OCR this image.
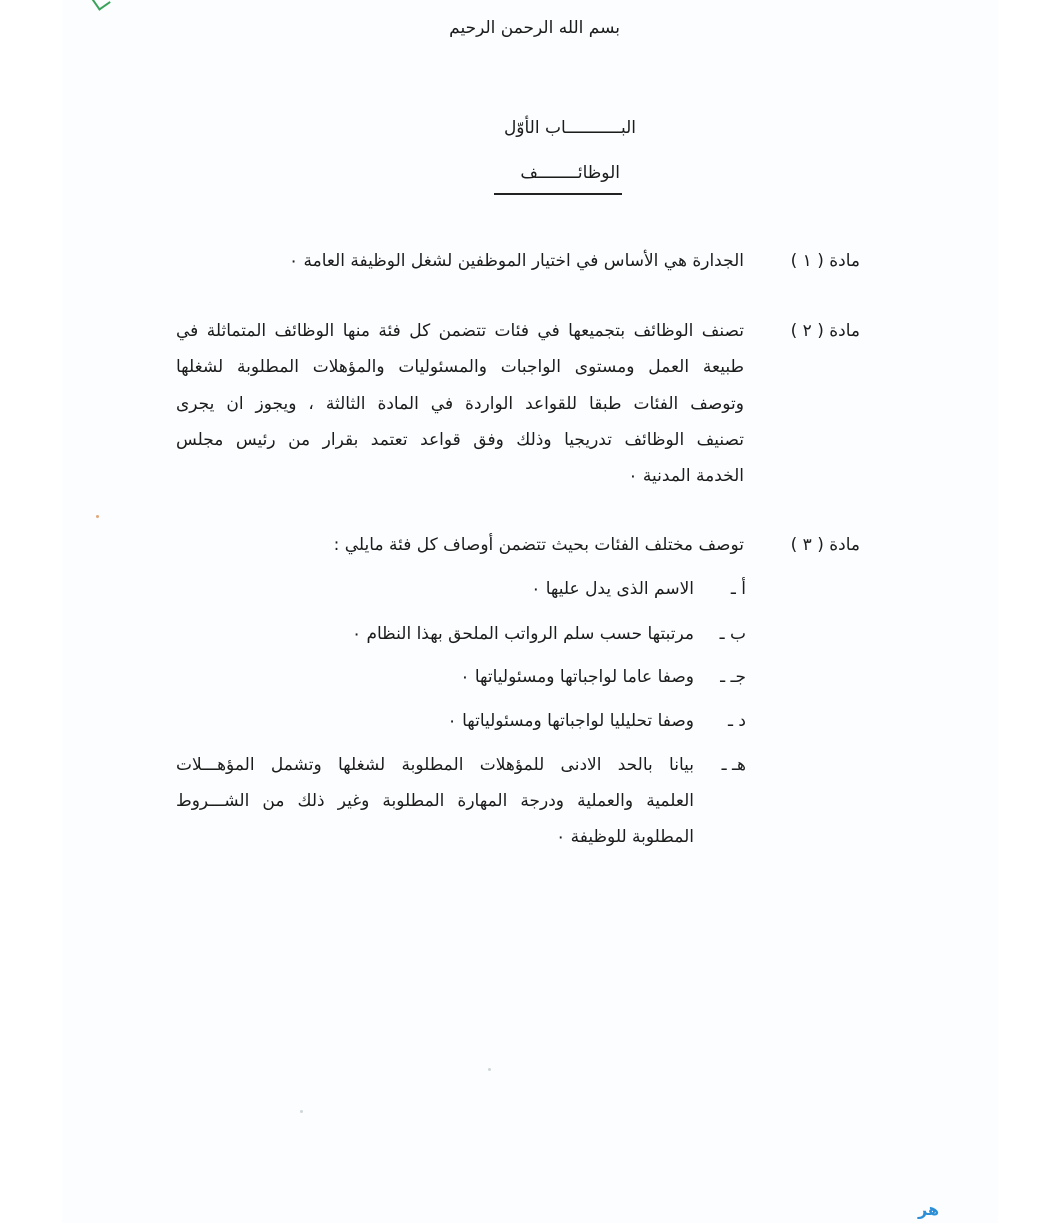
بسم الله الرحمن الرحيم
البـــــــــــاب الأوّل
الوظائــــــــف
مادة ( ١ )
الجدارة هي الأساس في اختيار الموظفين لشغل الوظيفة العامة ٠
مادة ( ٢ )
تصنف الوظائف بتجميعها في فئات تتضمن كل فئة منها الوظائف المتماثلة في
طبيعة العمل ومستوى الواجبات والمسئوليات والمؤهلات المطلوبة لشغلها
وتوصف الفئات طبقا للقواعد الواردة في المادة الثالثة ، ويجوز ان يجرى
تصنيف الوظائف تدريجيا وذلك وفق قواعد تعتمد بقرار من رئيس مجلس
الخدمة المدنية ٠
مادة ( ٣ )
توصف مختلف الفئات بحيث تتضمن أوصاف كل فئة مايلي :
أ ـ
الاسم الذى يدل عليها ٠
ب ـ
مرتبتها حسب سلم الرواتب الملحق بهذا النظام ٠
جـ ـ
وصفا عاما لواجباتها ومسئولياتها ٠
د ـ
وصفا تحليليا لواجباتها ومسئولياتها ٠
هـ ـ
بيانا بالحد الادنى للمؤهلات المطلوبة لشغلها وتشمل المؤهـــلات
العلمية والعملية ودرجة المهارة المطلوبة وغير ذلك من الشـــروط
المطلوبة للوظيفة ٠
هر
